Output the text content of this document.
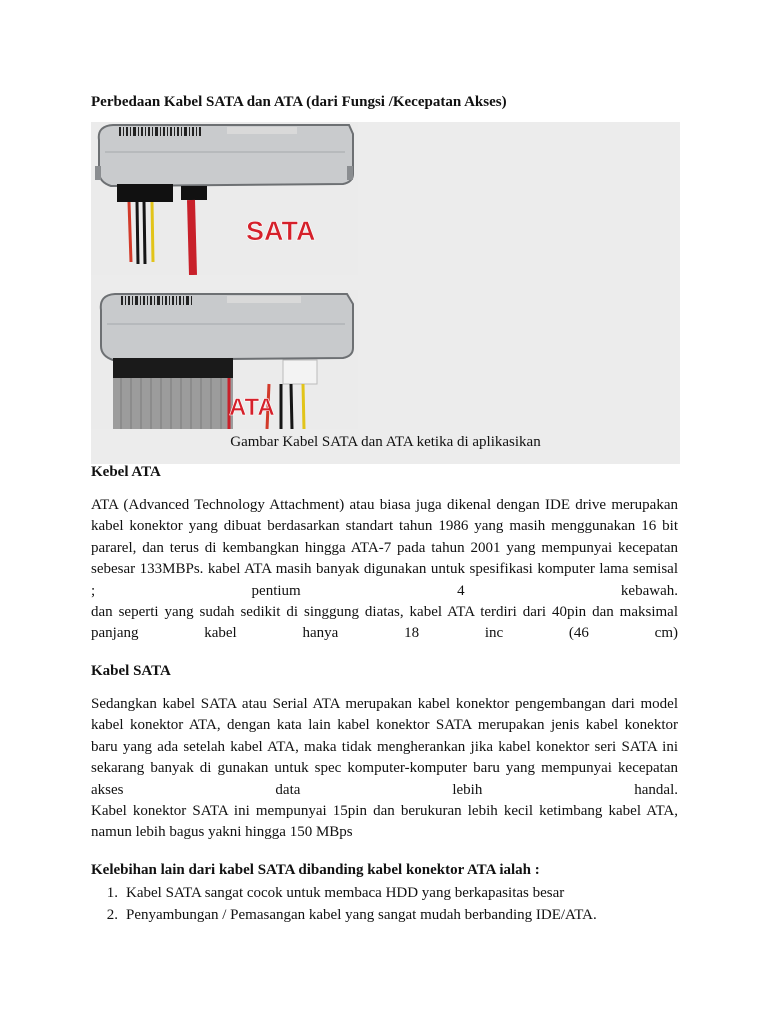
Perbedaan Kabel SATA dan ATA (dari Fungsi /Kecepatan Akses)
SATA
ATA
Gambar Kabel SATA dan ATA ketika di aplikasikan
Kebel ATA
ATA (Advanced Technology Attachment) atau biasa juga dikenal dengan IDE drive merupakan
kabel konektor yang dibuat berdasarkan standart tahun 1986 yang masih menggunakan 16 bit
pararel, dan terus di kembangkan hingga ATA-7 pada tahun 2001 yang mempunyai kecepatan
sebesar 133MBPs. kabel ATA masih banyak digunakan untuk spesifikasi komputer lama semisal
; pentium 4 kebawah.
dan seperti yang sudah sedikit di singgung diatas, kabel ATA terdiri dari 40pin dan maksimal
panjang kabel hanya 18 inc (46 cm)
Kabel SATA
Sedangkan kabel SATA atau Serial ATA merupakan kabel konektor pengembangan dari model
kabel konektor ATA, dengan kata lain kabel konektor SATA merupakan jenis kabel konektor
baru yang ada setelah kabel ATA, maka tidak mengherankan jika kabel konektor seri SATA ini
sekarang banyak di gunakan untuk spec komputer-komputer baru yang mempunyai kecepatan
akses data lebih handal.
Kabel konektor SATA ini mempunyai 15pin dan berukuran lebih kecil ketimbang kabel ATA,
namun lebih bagus yakni hingga 150 MBps
Kelebihan lain dari kabel SATA dibanding kabel konektor ATA ialah :
1. Kabel SATA sangat cocok untuk membaca HDD yang berkapasitas besar
2. Penyambungan / Pemasangan kabel yang sangat mudah berbanding IDE/ATA.
